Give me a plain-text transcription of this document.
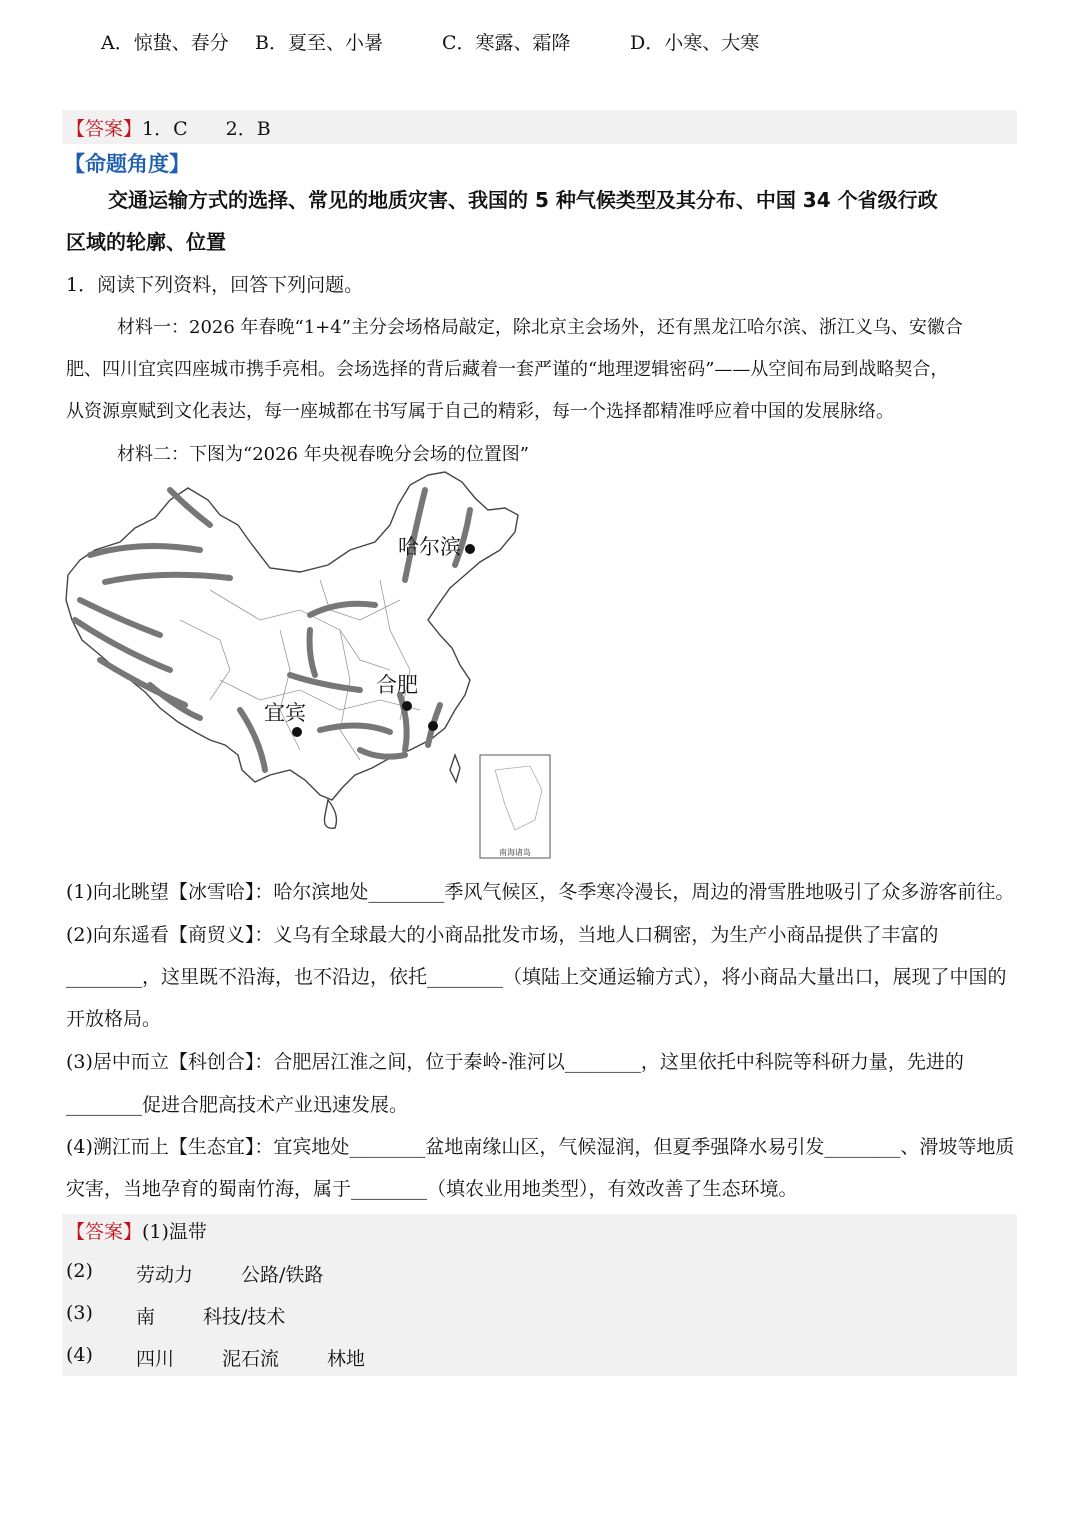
A．惊蛰、春分 B．夏至、小暑	C．寒露、霜降	D．小寒、大寒
【答案】1．C　　2．B
【命题角度】
交通运输方式的选择、常见的地质灾害、我国的 5 种气候类型及其分布、中国 34 个省级行政
区域的轮廓、位置
1．阅读下列资料，回答下列问题。
材料一：2026 年春晚“1+4”主分会场格局敲定，除北京主会场外，还有黑龙江哈尔滨、浙江义乌、安徽合
肥、四川宜宾四座城市携手亮相。会场选择的背后藏着一套严谨的“地理逻辑密码”——从空间布局到战略契合，
从资源禀赋到文化表达，每一座城都在书写属于自己的精彩，每一个选择都精准呼应着中国的发展脉络。
材料二：下图为“2026 年央视春晚分会场的位置图”
哈尔滨
合肥
宜宾
南海诸岛
(1)向北眺望【冰雪哈】：哈尔滨地处________季风气候区，冬季寒冷漫长，周边的滑雪胜地吸引了众多游客前往。
(2)向东遥看【商贸义】：义乌有全球最大的小商品批发市场，当地人口稠密，为生产小商品提供了丰富的
________，这里既不沿海，也不沿边，依托________（填陆上交通运输方式），将小商品大量出口，展现了中国的
开放格局。
(3)居中而立【科创合】：合肥居江淮之间，位于秦岭-淮河以________，这里依托中科院等科研力量，先进的
________促进合肥高技术产业迅速发展。
(4)溯江而上【生态宜】：宜宾地处________盆地南缘山区，气候湿润，但夏季强降水易引发________、滑坡等地质
灾害，当地孕育的蜀南竹海，属于________（填农业用地类型），有效改善了生态环境。
【答案】(1)温带
(2) 劳动力	公路/铁路
(3) 南	科技/技术
(4) 四川	泥石流	林地
